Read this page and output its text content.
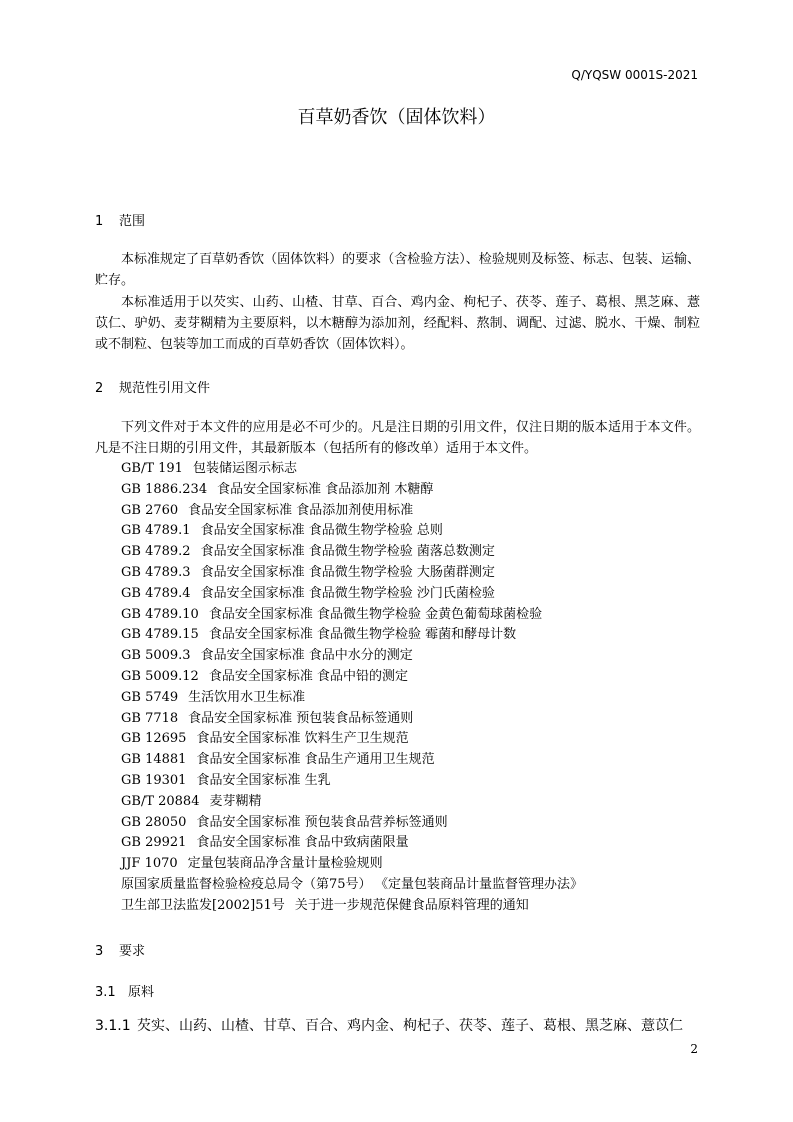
Q/YQSW 0001S-2021
百草奶香饮（固体饮料）
1 范围
本标准规定了百草奶香饮（固体饮料）的要求（含检验方法）、检验规则及标签、标志、包装、运输、贮存。
本标准适用于以芡实、山药、山楂、甘草、百合、鸡内金、枸杞子、茯苓、莲子、葛根、黑芝麻、薏苡仁、驴奶、麦芽糊精为主要原料，以木糖醇为添加剂，经配料、熬制、调配、过滤、脱水、干燥、制粒或不制粒、包装等加工而成的百草奶香饮（固体饮料）。
2 规范性引用文件
下列文件对于本文件的应用是必不可少的。凡是注日期的引用文件，仅注日期的版本适用于本文件。凡是不注日期的引用文件，其最新版本（包括所有的修改单）适用于本文件。
GB/T 191 包装储运图示标志
GB 1886.234 食品安全国家标准 食品添加剂 木糖醇
GB 2760 食品安全国家标准 食品添加剂使用标准
GB 4789.1 食品安全国家标准 食品微生物学检验 总则
GB 4789.2 食品安全国家标准 食品微生物学检验 菌落总数测定
GB 4789.3 食品安全国家标准 食品微生物学检验 大肠菌群测定
GB 4789.4 食品安全国家标准 食品微生物学检验 沙门氏菌检验
GB 4789.10 食品安全国家标准 食品微生物学检验 金黄色葡萄球菌检验
GB 4789.15 食品安全国家标准 食品微生物学检验 霉菌和酵母计数
GB 5009.3 食品安全国家标准 食品中水分的测定
GB 5009.12 食品安全国家标准 食品中铅的测定
GB 5749 生活饮用水卫生标准
GB 7718 食品安全国家标准 预包装食品标签通则
GB 12695 食品安全国家标准 饮料生产卫生规范
GB 14881 食品安全国家标准 食品生产通用卫生规范
GB 19301 食品安全国家标准 生乳
GB/T 20884 麦芽糊精
GB 28050 食品安全国家标准 预包装食品营养标签通则
GB 29921 食品安全国家标准 食品中致病菌限量
JJF 1070 定量包装商品净含量计量检验规则
原国家质量监督检验检疫总局令（第75号） 《定量包装商品计量监督管理办法》
卫生部卫法监发[2002]51号 关于进一步规范保健食品原料管理的通知
3 要求
3.1 原料
3.1.1 芡实、山药、山楂、甘草、百合、鸡内金、枸杞子、茯苓、莲子、葛根、黑芝麻、薏苡仁
2
